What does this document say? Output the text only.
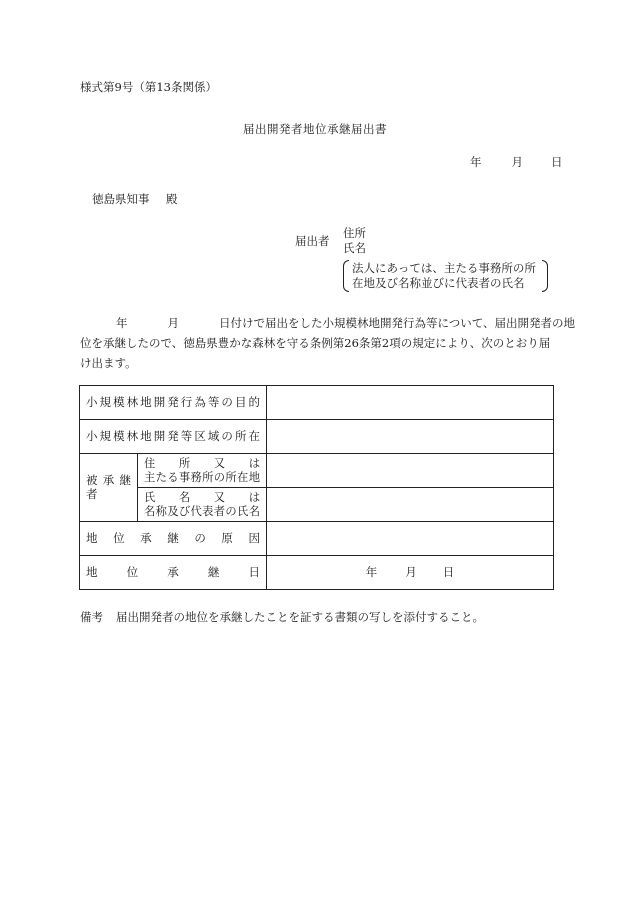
様式第9号（第13条関係）
届出開発者地位承継届出書
年	月 日
徳島県知事 殿
届出者
住所
氏名
法人にあっては、主たる事務所の所
在地及び名称並びに代表者の氏名
年	月	日付けで届出をした小規模林地開発行為等について、届出開発者の地
位を承継したので、徳島県豊かな森林を守る条例第26条第2項の規定により、次のとおり届
け出ます。
小規模林地開発行為等の目的		
小規模林地開発等区域の所在		
被承継者	住所又は
主たる事務所の所在地	

	氏名又は
名称及び代表者の氏名	

地位承継の原因		
地位承継日		年 月 日
備考 届出開発者の地位を承継したことを証する書類の写しを添付すること。
